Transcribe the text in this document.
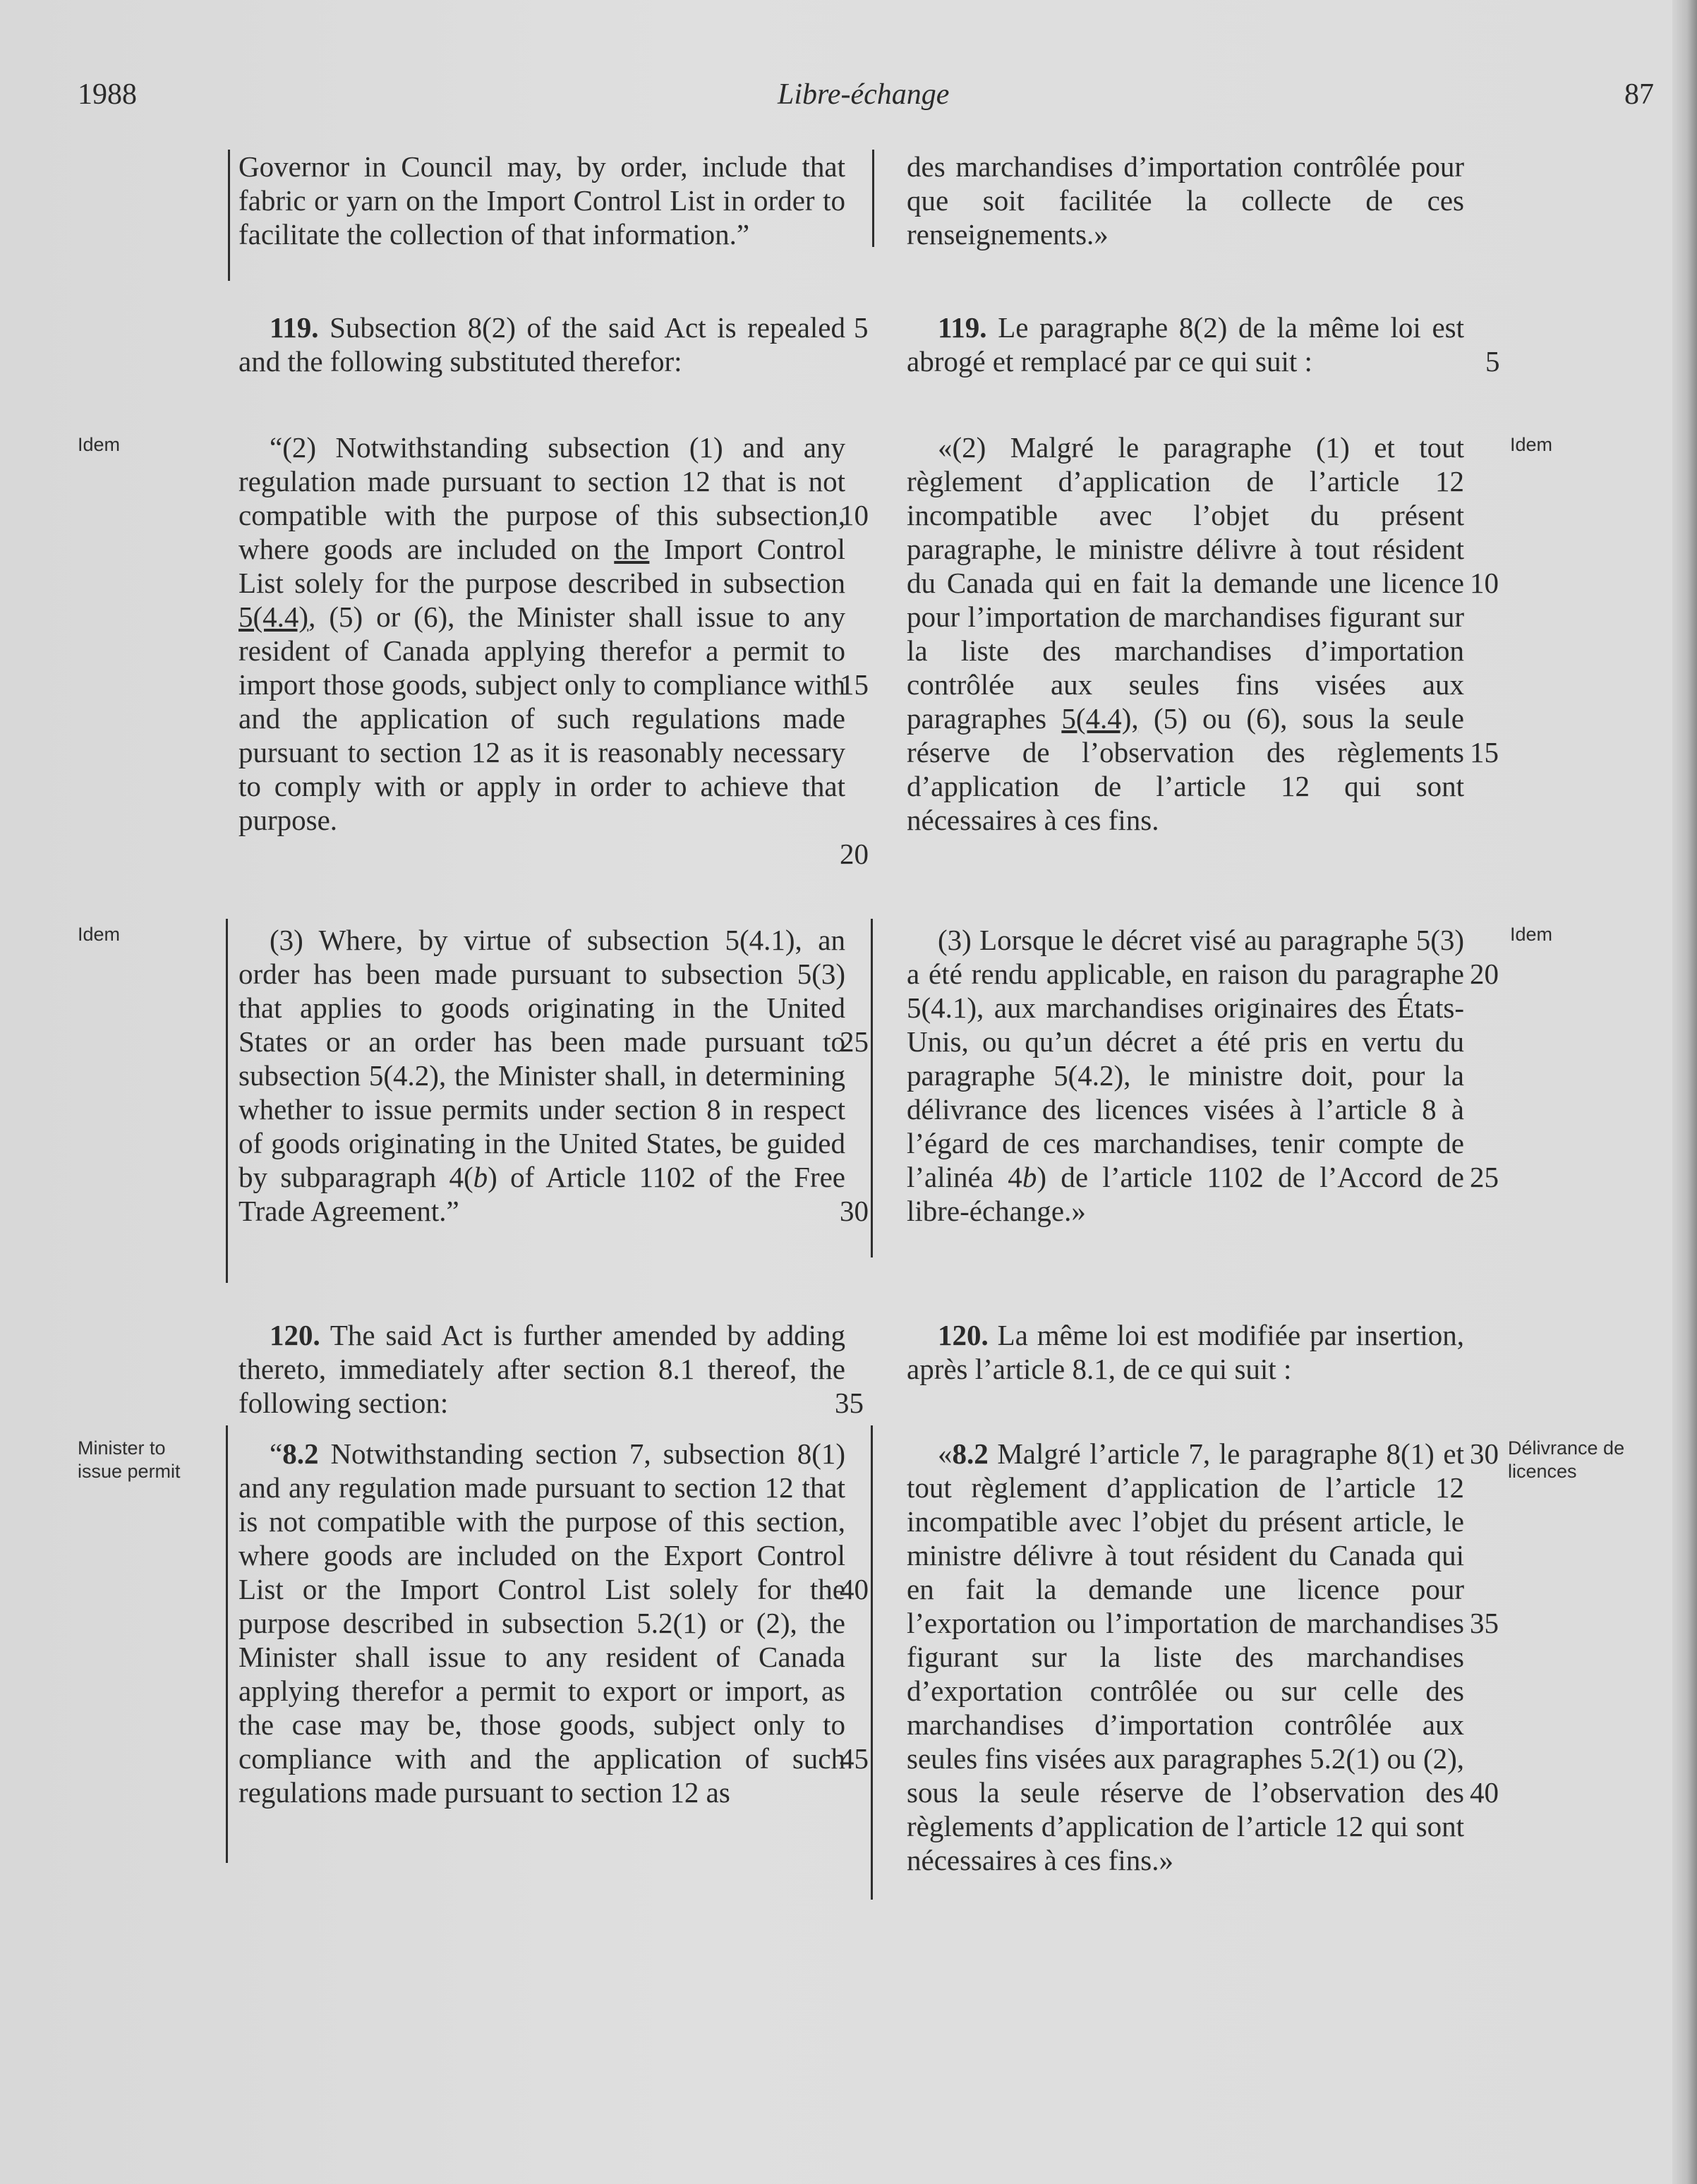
1988	Libre-échange	87
Idem	Idem
Idem	Idem
Minister to
issue permit
Délivrance de
licences

Governor in Council may, by order, include that fabric or yarn on the Import Control List in order to facilitate the collection of that information.”

119. Subsection 8(2) of the said Act is repealed and the following substituted therefor:

“(2) Notwithstanding subsection (1) and any regulation made pursuant to section 12 that is not compatible with the purpose of this subsection, where goods are included on the Import Control List solely for the purpose described in subsection 5(4.4), (5) or (6), the Minister shall issue to any resident of Canada applying therefor a permit to import those goods, subject only to compliance with and the application of such regulations made pursuant to section 12 as it is reasonably necessary to comply with or apply in order to achieve that purpose.

(3) Where, by virtue of subsection 5(4.1), an order has been made pursuant to subsection 5(3) that applies to goods originating in the United States or an order has been made pursuant to subsection 5(4.2), the Minister shall, in determining whether to issue permits under section 8 in respect of goods originating in the United States, be guided by subparagraph 4(b) of Article 1102 of the Free Trade Agreement.”

120. The said Act is further amended by adding thereto, immediately after section 8.1 thereof, the following section:

“8.2 Notwithstanding section 7, subsection 8(1) and any regulation made pursuant to section 12 that is not compatible with the purpose of this section, where goods are included on the Export Control List or the Import Control List solely for the purpose described in subsection 5.2(1) or (2), the Minister shall issue to any resident of Canada applying therefor a permit to export or import, as the case may be, those goods, subject only to compliance with and the application of such regulations made pursuant to section 12 as

des marchandises d’importation contrôlée pour que soit facilitée la collecte de ces renseignements.»

119. Le paragraphe 8(2) de la même loi est abrogé et remplacé par ce qui suit :

«(2) Malgré le paragraphe (1) et tout règlement d’application de l’article 12 incompatible avec l’objet du présent paragraphe, le ministre délivre à tout résident du Canada qui en fait la demande une licence pour l’importation de marchandises figurant sur la liste des marchandises d’importation contrôlée aux seules fins visées aux paragraphes 5(4.4), (5) ou (6), sous la seule réserve de l’observation des règlements d’application de l’article 12 qui sont nécessaires à ces fins.

(3) Lorsque le décret visé au paragraphe 5(3) a été rendu applicable, en raison du paragraphe 5(4.1), aux marchandises originaires des États-Unis, ou qu’un décret a été pris en vertu du paragraphe 5(4.2), le ministre doit, pour la délivrance des licences visées à l’article 8 à l’égard de ces marchandises, tenir compte de l’alinéa 4b) de l’article 1102 de l’Accord de libre-échange.»

120. La même loi est modifiée par insertion, après l’article 8.1, de ce qui suit :

«8.2 Malgré l’article 7, le paragraphe 8(1) et tout règlement d’application de l’article 12 incompatible avec l’objet du présent article, le ministre délivre à tout résident du Canada qui en fait la demande une licence pour l’exportation ou l’importation de marchandises figurant sur la liste des marchandises d’exportation contrôlée ou sur celle des marchandises d’importation contrôlée aux seules fins visées aux paragraphes 5.2(1) ou (2), sous la seule réserve de l’observation des règlements d’application de l’article 12 qui sont nécessaires à ces fins.»

5
10
15
20
25
30
35
40
45
5
10
15
20
25
30
35
40
